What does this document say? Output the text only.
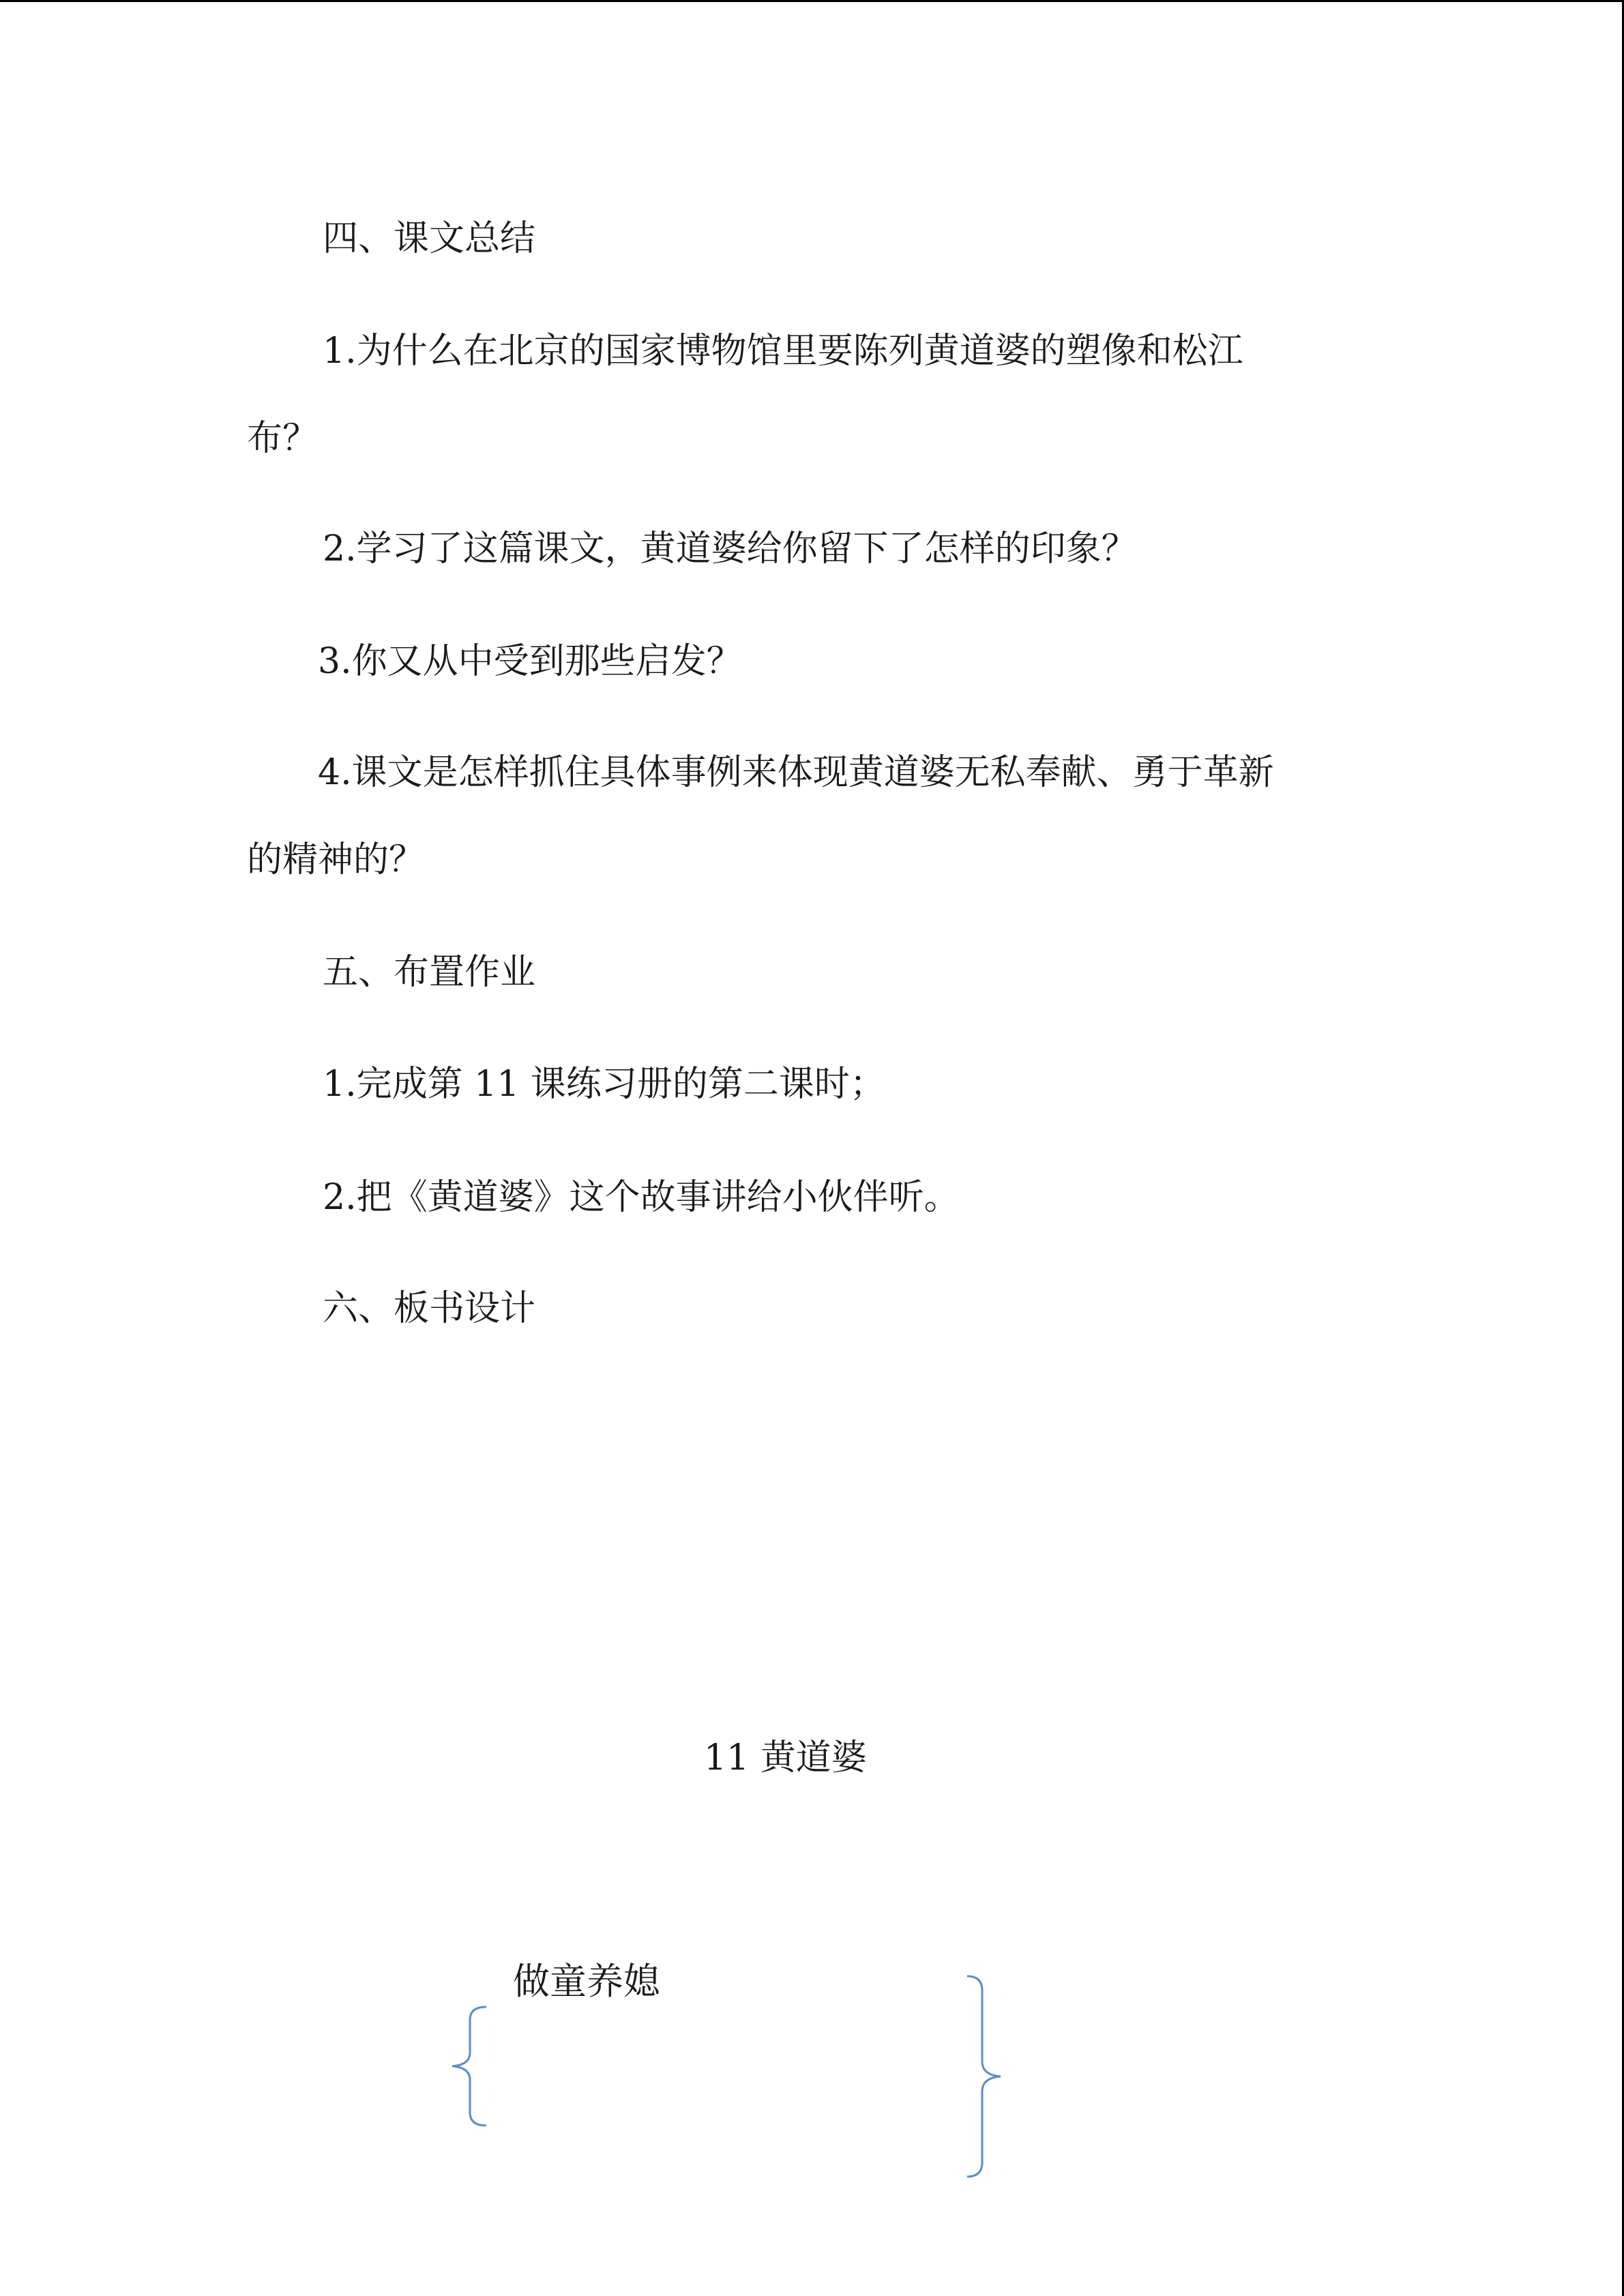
四、课文总结
1.为什么在北京的国家博物馆里要陈列黄道婆的塑像和松江
布？
2.学习了这篇课文，黄道婆给你留下了怎样的印象？
3.你又从中受到那些启发？
4.课文是怎样抓住具体事例来体现黄道婆无私奉献、勇于革新
的精神的？
五、布置作业
1.完成第 11 课练习册的第二课时；
2.把《黄道婆》这个故事讲给小伙伴听。
六、板书设计
11 黄道婆
做童养媳
